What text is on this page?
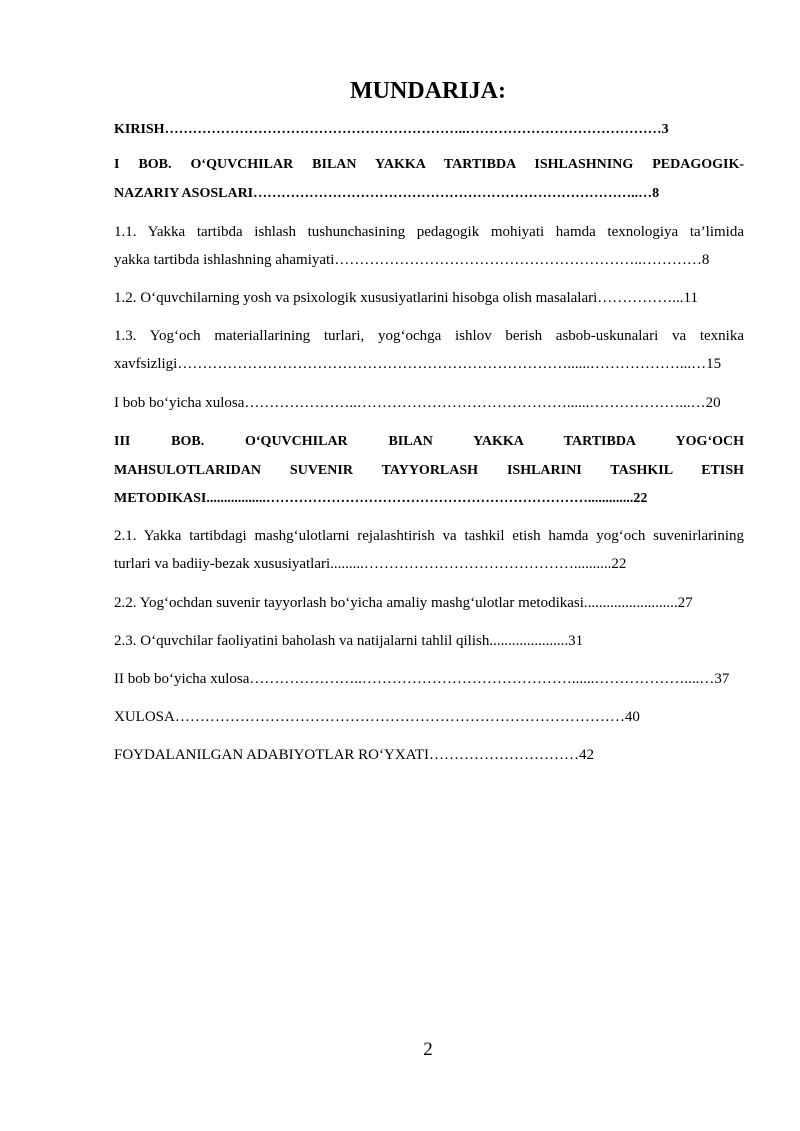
MUNDARIJA:
KIRISH………………………………………………………..……………………………………3
I BOB. O‘QUVCHILAR BILAN YAKKA TARTIBDA ISHLASHNING PEDAGOGIK-
NAZARIY ASOSLARI………………………………………………………………………..…8
1.1. Yakka tartibda ishlash tushunchasining pedagogik mohiyati hamda texnologiya ta’limida
yakka tartibda ishlashning ahamiyati……………………………………………………..…………8
1.2. O‘quvchilarning yosh va psixologik xususiyatlarini hisobga olish masalalari……………...11
1.3. Yog‘och materiallarining turlari, yog‘ochga ishlov berish asbob-uskunalari va texnika
xavfsizligi……………………………………………………………………......………………...…15
I bob bo‘yicha xulosa…………………..……………………………………......………………...…20
III BOB. O‘QUVCHILAR BILAN YAKKA TARTIBDA YOG‘OCH
MAHSULOTLARIDAN SUVENIR TAYYORLASH ISHLARINI TASHKIL ETISH
METODIKASI.................…………………………………………………………….............22
2.1. Yakka tartibdagi mashg‘ulotlarni rejalashtirish va tashkil etish hamda yog‘och suvenirlarining
turlari va badiiy-bezak xususiyatlari.........……………………………………..........22
2.2. Yog‘ochdan suvenir tayyorlash bo‘yicha amaliy mashg‘ulotlar metodikasi.........................27
2.3. O‘quvchilar faoliyatini baholash va natijalarni tahlil qilish.....................31
II bob bo‘yicha xulosa…………………..……………………………………......………………....…37
XULOSA………………………………………………………………………………40
FOYDALANILGAN ADABIYOTLAR RO‘YXATI…………………………42
2
